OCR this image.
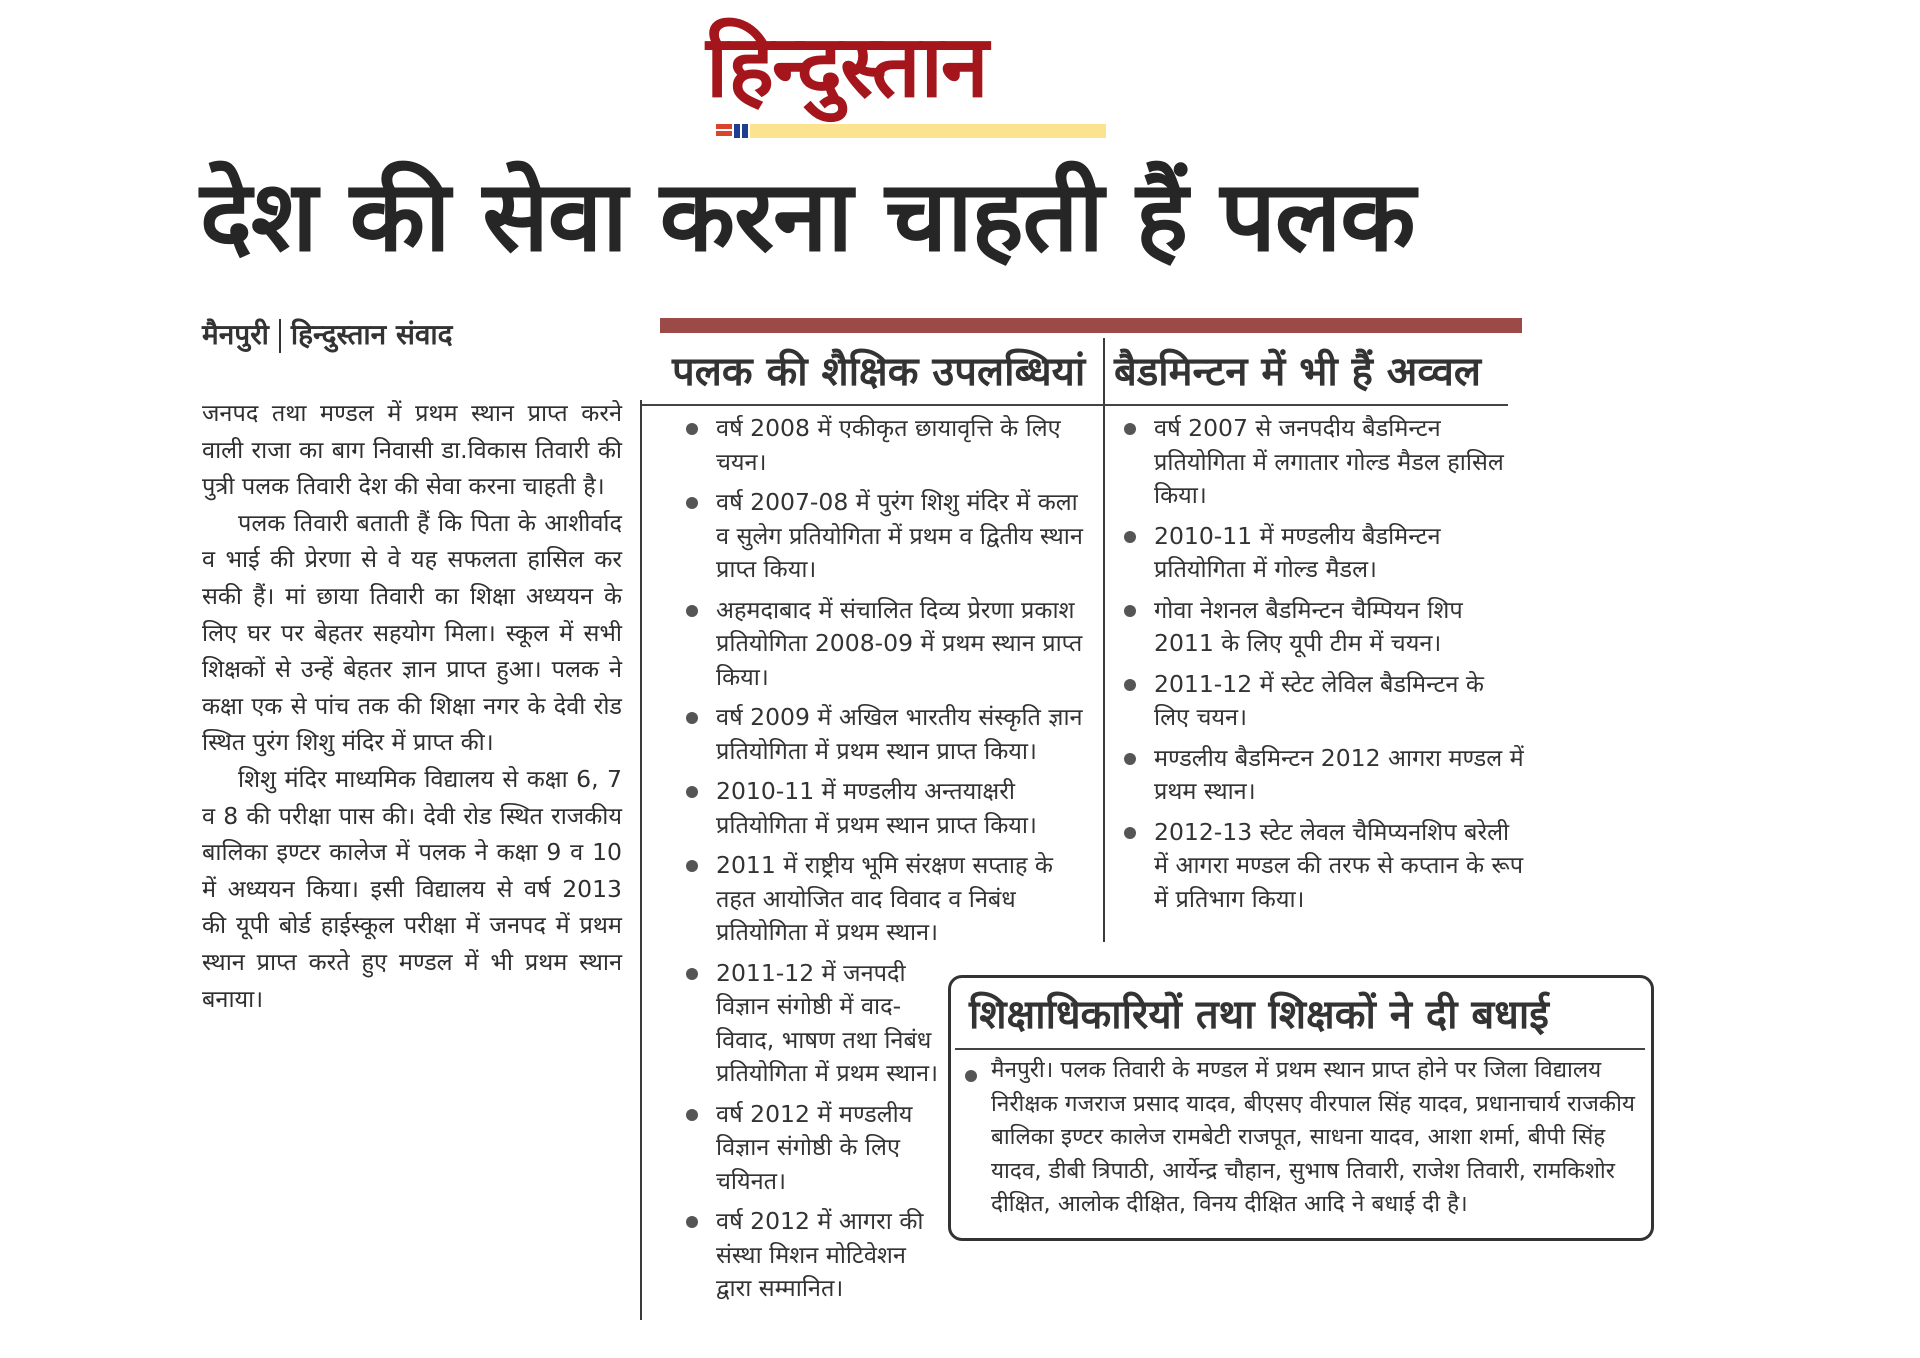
हिन्दुस्तान
देश की सेवा करना चाहती हैं पलक
मैनपुरी हिन्दुस्तान संवाद

जनपद तथा मण्डल में प्रथम स्थान प्राप्त करने वाली राजा का बाग निवासी डा.विकास तिवारी की पुत्री पलक तिवारी देश की सेवा करना चाहती है।

पलक तिवारी बताती हैं कि पिता के आशीर्वाद व भाई की प्रेरणा से वे यह सफलता हासिल कर सकी हैं। मां छाया तिवारी का शिक्षा अध्ययन के लिए घर पर बेहतर सहयोग मिला। स्कूल में सभी शिक्षकों से उन्हें बेहतर ज्ञान प्राप्त हुआ। पलक ने कक्षा एक से पांच तक की शिक्षा नगर के देवी रोड स्थित पुरंग शिशु मंदिर में प्राप्त की।

शिशु मंदिर माध्यमिक विद्यालय से कक्षा 6, 7 व 8 की परीक्षा पास की। देवी रोड स्थित राजकीय बालिका इण्टर कालेज में पलक ने कक्षा 9 व 10 में अध्ययन किया। इसी विद्यालय से वर्ष 2013 की यूपी बोर्ड हाईस्कूल परीक्षा में जनपद में प्रथम स्थान प्राप्त करते हुए मण्डल में भी प्रथम स्थान बनाया।

पलक की शैक्षिक उपलब्धियां
वर्ष 2008 में एकीकृत छायावृत्ति के लिए चयन।
वर्ष 2007-08 में पुरंग शिशु मंदिर में कला व सुलेग प्रतियोगिता में प्रथम व द्वितीय स्थान प्राप्त किया।
अहमदाबाद में संचालित दिव्य प्रेरणा प्रकाश प्रतियोगिता 2008-09 में प्रथम स्थान प्राप्त किया।
वर्ष 2009 में अखिल भारतीय संस्कृति ज्ञान प्रतियोगिता में प्रथम स्थान प्राप्त किया।
2010-11 में मण्डलीय अन्तयाक्षरी प्रतियोगिता में प्रथम स्थान प्राप्त किया।
2011 में राष्ट्रीय भूमि संरक्षण सप्ताह के तहत आयोजित वाद विवाद व निबंध प्रतियोगिता में प्रथम स्थान।
2011-12 में जनपदी विज्ञान संगोष्ठी में वाद-विवाद, भाषण तथा निबंध प्रतियोगिता में प्रथम स्थान।
वर्ष 2012 में मण्डलीय विज्ञान संगोष्ठी के लिए चयिनत।
वर्ष 2012 में आगरा की संस्था मिशन मोटिवेशन द्वारा सम्मानित।
बैडमिन्टन में भी हैं अव्वल
वर्ष 2007 से जनपदीय बैडमिन्टन प्रतियोगिता में लगातार गोल्ड मैडल हासिल किया।
2010-11 में मण्डलीय बैडमिन्टन प्रतियोगिता में गोल्ड मैडल।
गोवा नेशनल बैडमिन्टन चैम्पियन शिप 2011 के लिए यूपी टीम में चयन।
2011-12 में स्टेट लेविल बैडमिन्टन के लिए चयन।
मण्डलीय बैडमिन्टन 2012 आगरा मण्डल में प्रथम स्थान।
2012-13 स्टेट लेवल चैमिप्यनशिप बरेली में आगरा मण्डल की तरफ से कप्तान के रूप में प्रतिभाग किया।
शिक्षाधिकारियों तथा शिक्षकों ने दी बधाई
मैनपुरी। पलक तिवारी के मण्डल में प्रथम स्थान प्राप्त होने पर जिला विद्यालय निरीक्षक गजराज प्रसाद यादव, बीएसए वीरपाल सिंह यादव, प्रधानाचार्य राजकीय बालिका इण्टर कालेज रामबेटी राजपूत, साधना यादव, आशा शर्मा, बीपी सिंह यादव, डीबी त्रिपाठी, आर्येन्द्र चौहान, सुभाष तिवारी, राजेश तिवारी, रामकिशोर दीक्षित, आलोक दीक्षित, विनय दीक्षित आदि ने बधाई दी है।
